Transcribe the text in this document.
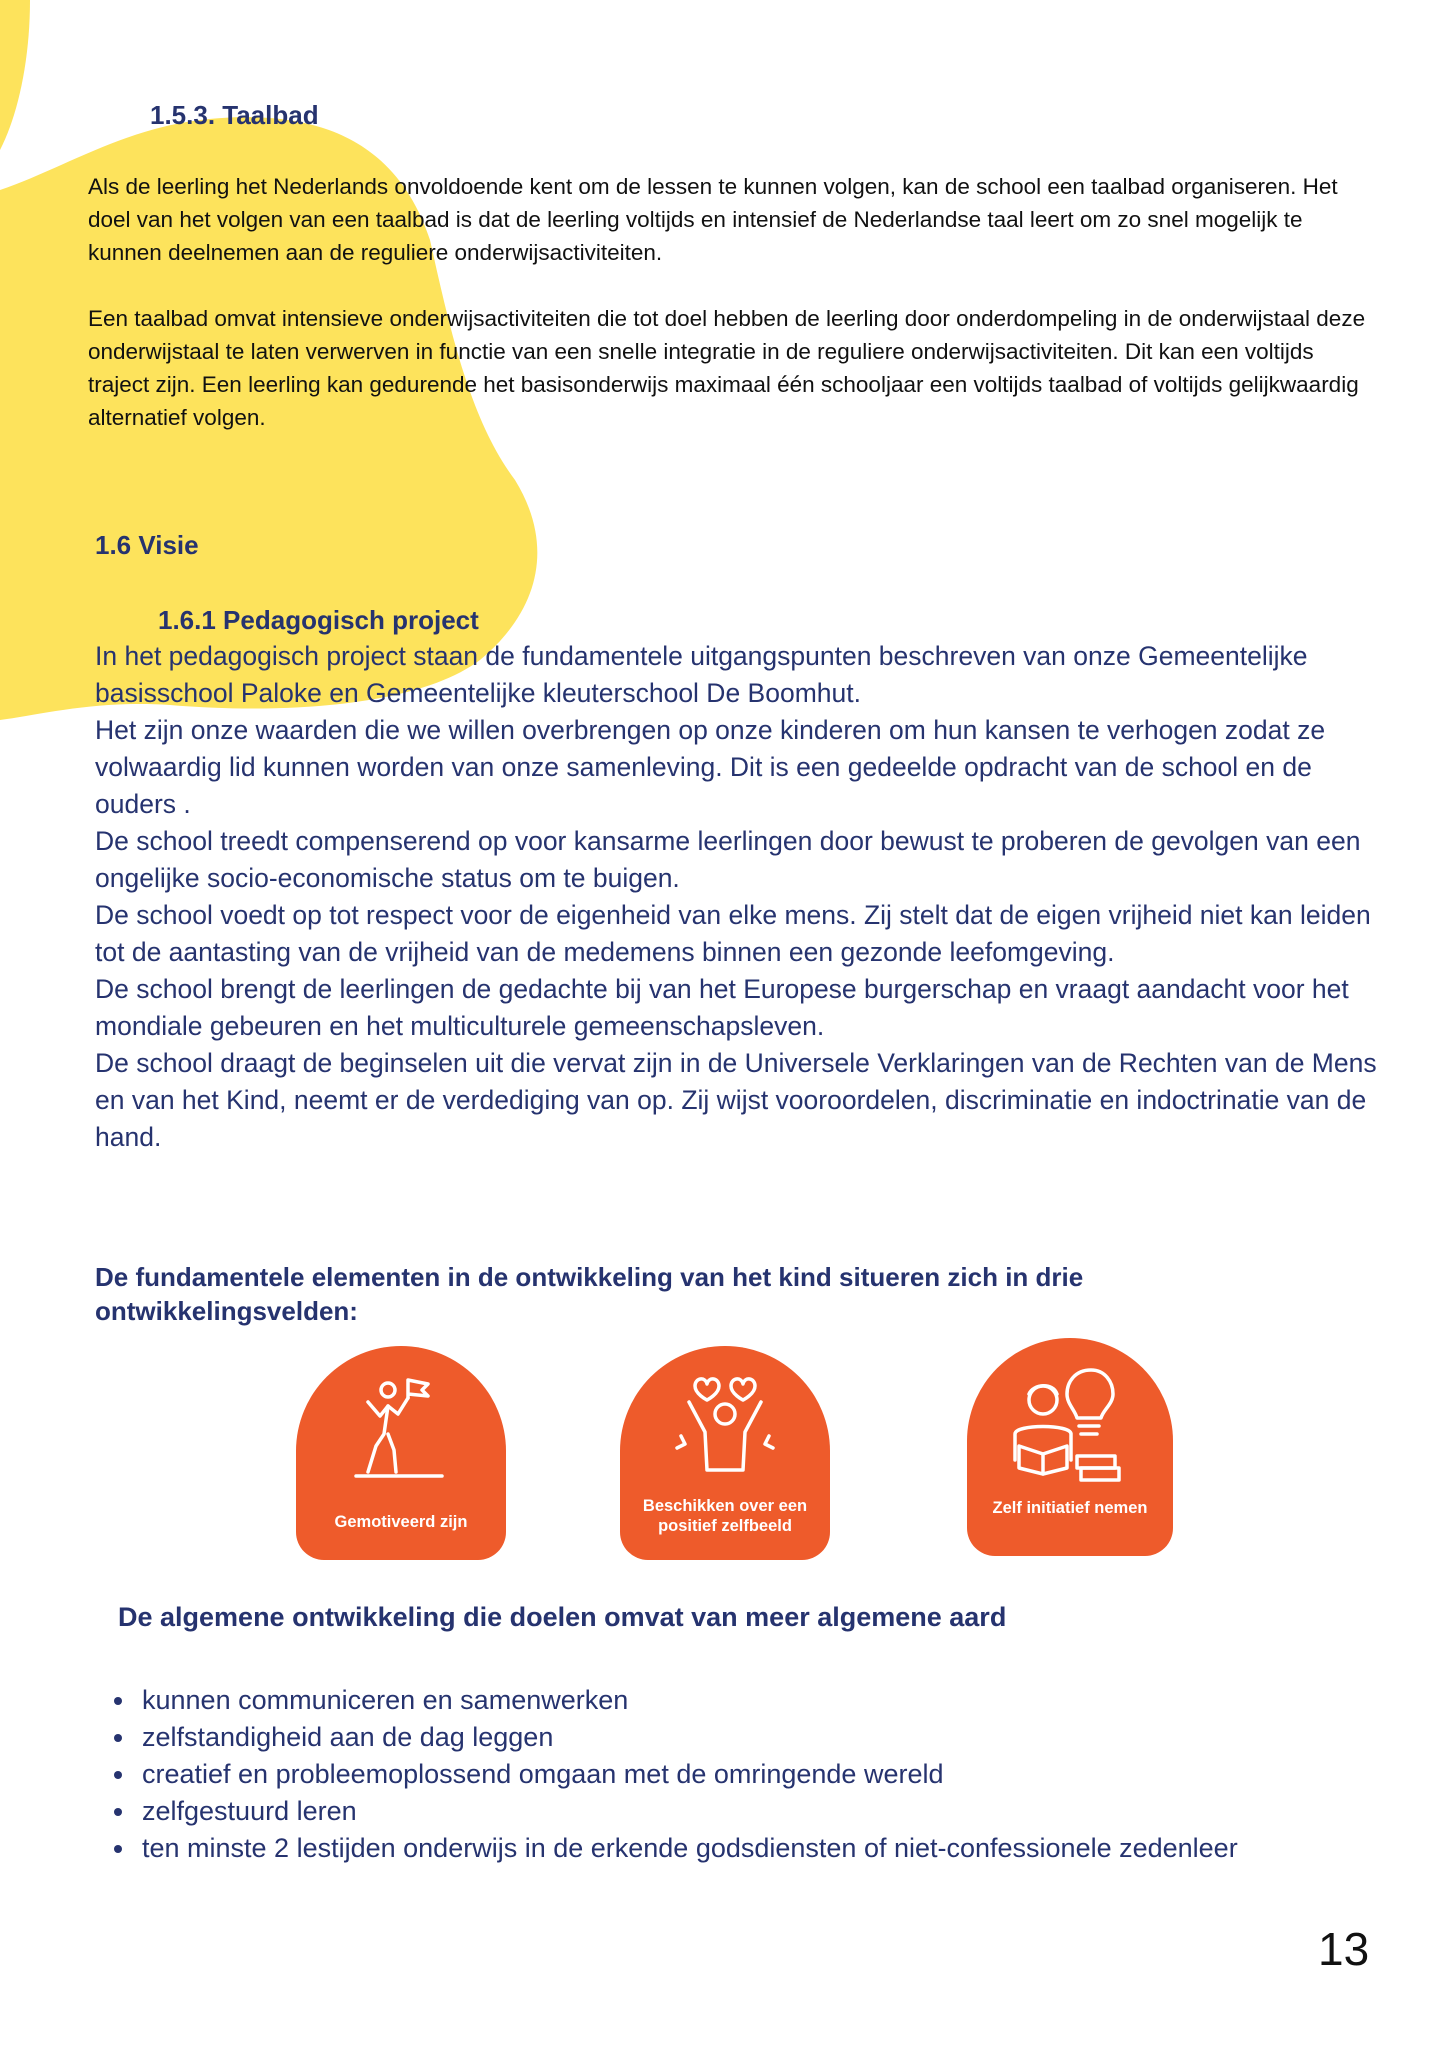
1.5.3. Taalbad

Als de leerling het Nederlands onvoldoende kent om de lessen te kunnen volgen, kan de school een taalbad organiseren. Het doel van het volgen van een taalbad is dat de leerling voltijds en intensief de Nederlandse taal leert om zo snel mogelijk te kunnen deelnemen aan de reguliere onderwijsactiviteiten.

Een taalbad omvat intensieve onderwijsactiviteiten die tot doel hebben de leerling door onderdompeling in de onderwijstaal deze onderwijstaal te laten verwerven in functie van een snelle integratie in de reguliere onderwijsactiviteiten. Dit kan een voltijds traject zijn. Een leerling kan gedurende het basisonderwijs maximaal één schooljaar een voltijds taalbad of voltijds gelijkwaardig alternatief volgen.

1.6 Visie
1.6.1 Pedagogisch project

In het pedagogisch project staan de fundamentele uitgangspunten beschreven van onze Gemeentelijke basisschool Paloke en Gemeentelijke kleuterschool De Boomhut.

Het zijn onze waarden die we willen overbrengen op onze kinderen om hun kansen te verhogen zodat ze volwaardig lid kunnen worden van onze samenleving. Dit is een gedeelde opdracht van de school en de ouders .

De school treedt compenserend op voor kansarme leerlingen door bewust te proberen de gevolgen van een ongelijke socio-economische status om te buigen.

De school voedt op tot respect voor de eigenheid van elke mens. Zij stelt dat de eigen vrijheid niet kan leiden tot de aantasting van de vrijheid van de medemens binnen een gezonde leefomgeving.

De school brengt de leerlingen de gedachte bij van het Europese burgerschap en vraagt aandacht voor het mondiale gebeuren en het multiculturele gemeenschapsleven.

De school draagt de beginselen uit die vervat zijn in de Universele Verklaringen van de Rechten van de Mens en van het Kind, neemt er de verdediging van op. Zij wijst vooroordelen, discriminatie en indoctrinatie van de hand.

De fundamentele elementen in de ontwikkeling van het kind situeren zich in drie ontwikkelingsvelden:
Gemotiveerd zijn
Beschikken over een positief zelfbeeld
Zelf initiatief nemen
De algemene ontwikkeling die doelen omvat van meer algemene aard
kunnen communiceren en samenwerken
zelfstandigheid aan de dag leggen
creatief en probleemoplossend omgaan met de omringende wereld
zelfgestuurd leren
ten minste 2 lestijden onderwijs in de erkende godsdiensten of niet-confessionele zedenleer
13
